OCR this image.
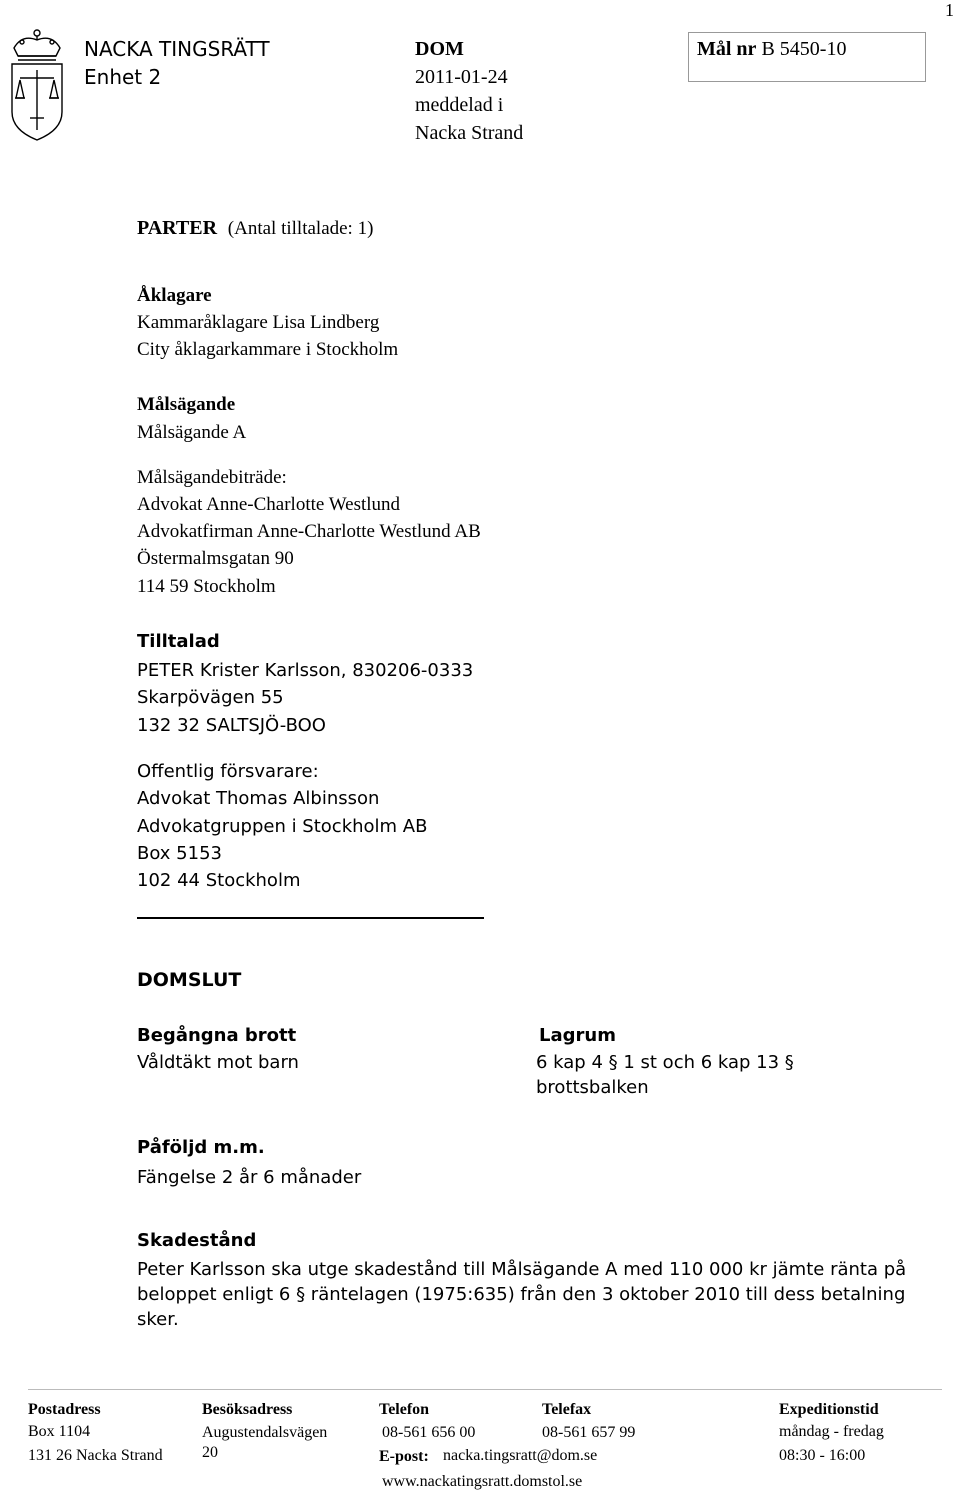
1
NACKA TINGSRÄTT
Enhet 2
DOM
2011-01-24
meddelad i
Nacka Strand
Mål nr B 5450-10
PARTER (Antal tilltalade: 1)
Åklagare
Kammaråklagare Lisa Lindberg
City åklagarkammare i Stockholm
Målsägande
Målsägande A
Målsägandebiträde:
Advokat Anne-Charlotte Westlund
Advokatfirman Anne-Charlotte Westlund AB
Östermalmsgatan 90
114 59 Stockholm
Tilltalad
PETER Krister Karlsson, 830206-0333
Skarpövägen 55
132 32 SALTSJÖ-BOO
Offentlig försvarare:
Advokat Thomas Albinsson
Advokatgruppen i Stockholm AB
Box 5153
102 44 Stockholm
DOMSLUT
Begångna brott
Våldtäkt mot barn
Lagrum
6 kap 4 § 1 st och 6 kap 13 §
brottsbalken
Påföljd m.m.
Fängelse 2 år 6 månader
Skadestånd
Peter Karlsson ska utge skadestånd till Målsägande A med 110 000 kr jämte ränta på
beloppet enligt 6 § räntelagen (1975:635) från den 3 oktober 2010 till dess betalning
sker.
Postadress
Box 1104
131 26 Nacka Strand
Besöksadress
Augustendalsvägen
20
Telefon
08-561 656 00
E-post: nacka.tingsratt@dom.se
www.nackatingsratt.domstol.se
Telefax
08-561 657 99
Expeditionstid
måndag - fredag
08:30 - 16:00
